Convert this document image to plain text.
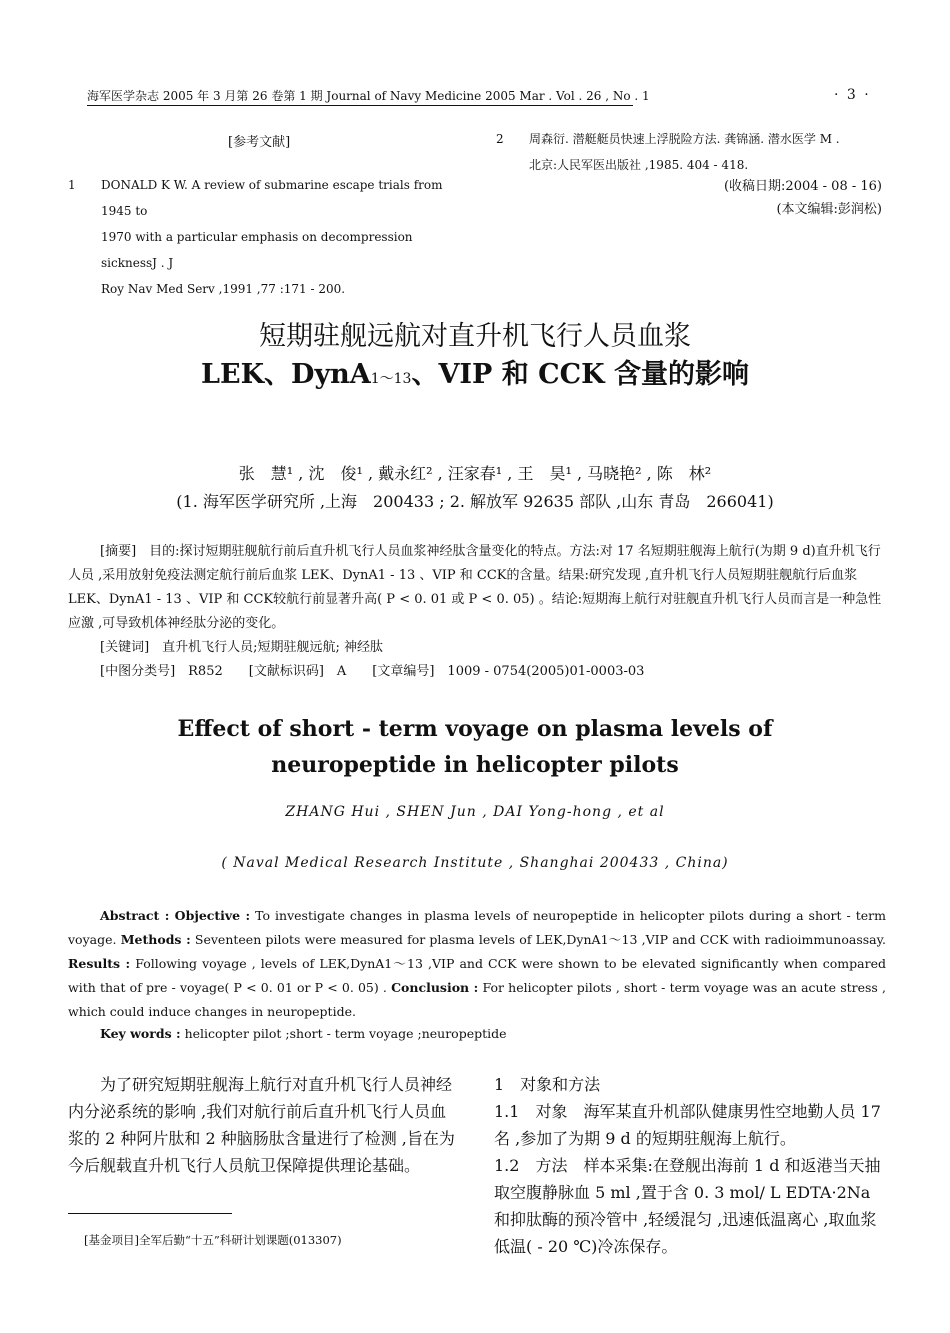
海军医学杂志 2005 年 3 月第 26 卷第 1 期 Journal of Navy Medicine 2005 Mar . Vol . 26 , No . 1	· 3 ·
[参考文献]
1 DONALD K W. A review of submarine escape trials from 1945 to
1970 with a particular emphasis on decompression sicknessJ . J
Roy Nav Med Serv ,1991 ,77 :171 - 200.
2 周森衍. 潜艇艇员快速上浮脱险方法. 龚锦涵. 潜水医学 M .
北京:人民军医出版社 ,1985. 404 - 418.
(收稿日期:2004 - 08 - 16)
(本文编辑:彭润松)
短期驻舰远航对直升机飞行人员血浆
LEK、DynA1～13、VIP 和 CCK 含量的影响
张　慧¹ , 沈　俊¹ , 戴永红² , 汪家春¹ , 王　昊¹ , 马晓艳² , 陈　林²
(1. 海军医学研究所 ,上海　200433 ; 2. 解放军 92635 部队 ,山东 青岛　266041)

[摘要]　目的:探讨短期驻舰航行前后直升机飞行人员血浆神经肽含量变化的特点。方法:对 17 名短期驻舰海上航行(为期 9 d)直升机飞行人员 ,采用放射免疫法测定航行前后血浆 LEK、DynA1 - 13 、VIP 和 CCK的含量。结果:研究发现 ,直升机飞行人员短期驻舰航行后血浆 LEK、DynA1 - 13 、VIP 和 CCK较航行前显著升高( P < 0. 01 或 P < 0. 05) 。结论:短期海上航行对驻舰直升机飞行人员而言是一种急性应激 ,可导致机体神经肽分泌的变化。

[关键词]　直升机飞行人员;短期驻舰远航; 神经肽
[中图分类号]　R852　　[文献标识码]　A　　[文章编号]　1009 - 0754(2005)01-0003-03
Effect of short - term voyage on plasma levels of
neuropeptide in helicopter pilots
ZHANG Hui , SHEN Jun , DAI Yong-hong , et al
( Naval Medical Research Institute , Shanghai 200433 , China)

Abstract : Objective : To investigate changes in plasma levels of neuropeptide in helicopter pilots during a short - term voyage. Methods : Seventeen pilots were measured for plasma levels of LEK,DynA1～13 ,VIP and CCK with radioimmunoassay. Results : Following voyage , levels of LEK,DynA1～13 ,VIP and CCK were shown to be elevated significantly when compared with that of pre - voyage( P < 0. 01 or P < 0. 05) . Conclusion : For helicopter pilots , short - term voyage was an acute stress , which could induce changes in neuropeptide.

Key words : helicopter pilot ;short - term voyage ;neuropeptide

为了研究短期驻舰海上航行对直升机飞行人员神经内分泌系统的影响 ,我们对航行前后直升机飞行人员血浆的 2 种阿片肽和 2 种脑肠肽含量进行了检测 ,旨在为今后舰载直升机飞行人员航卫保障提供理论基础。

[基金项目]全军后勤“十五”科研计划课题(013307)

1　对象和方法

1.1　对象　海军某直升机部队健康男性空地勤人员 17 名 ,参加了为期 9 d 的短期驻舰海上航行。

1.2　方法　样本采集:在登舰出海前 1 d 和返港当天抽取空腹静脉血 5 ml ,置于含 0. 3 mol/ L EDTA·2Na 和抑肽酶的预冷管中 ,轻缓混匀 ,迅速低温离心 ,取血浆低温( - 20 ℃)冷冻保存。
